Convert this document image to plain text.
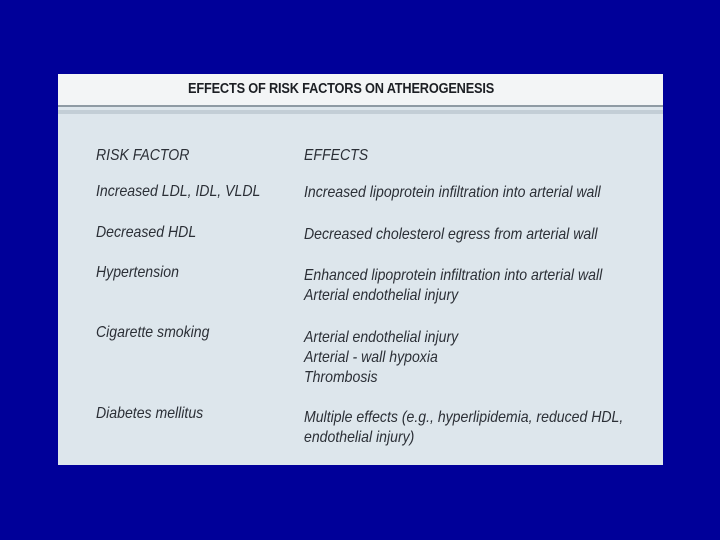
EFFECTS OF RISK FACTORS ON ATHEROGENESIS
RISK FACTOR	EFFECTS
Increased LDL, IDL, VLDL	Increased lipoprotein infiltration into arterial wall
Decreased HDL	Decreased cholesterol egress from arterial wall
Hypertension	Enhanced lipoprotein infiltration into arterial wall
Arterial endothelial injury
Cigarette smoking	Arterial endothelial injury
Arterial - wall hypoxia
Thrombosis
Diabetes mellitus	Multiple effects (e.g., hyperlipidemia, reduced HDL,
endothelial injury)
